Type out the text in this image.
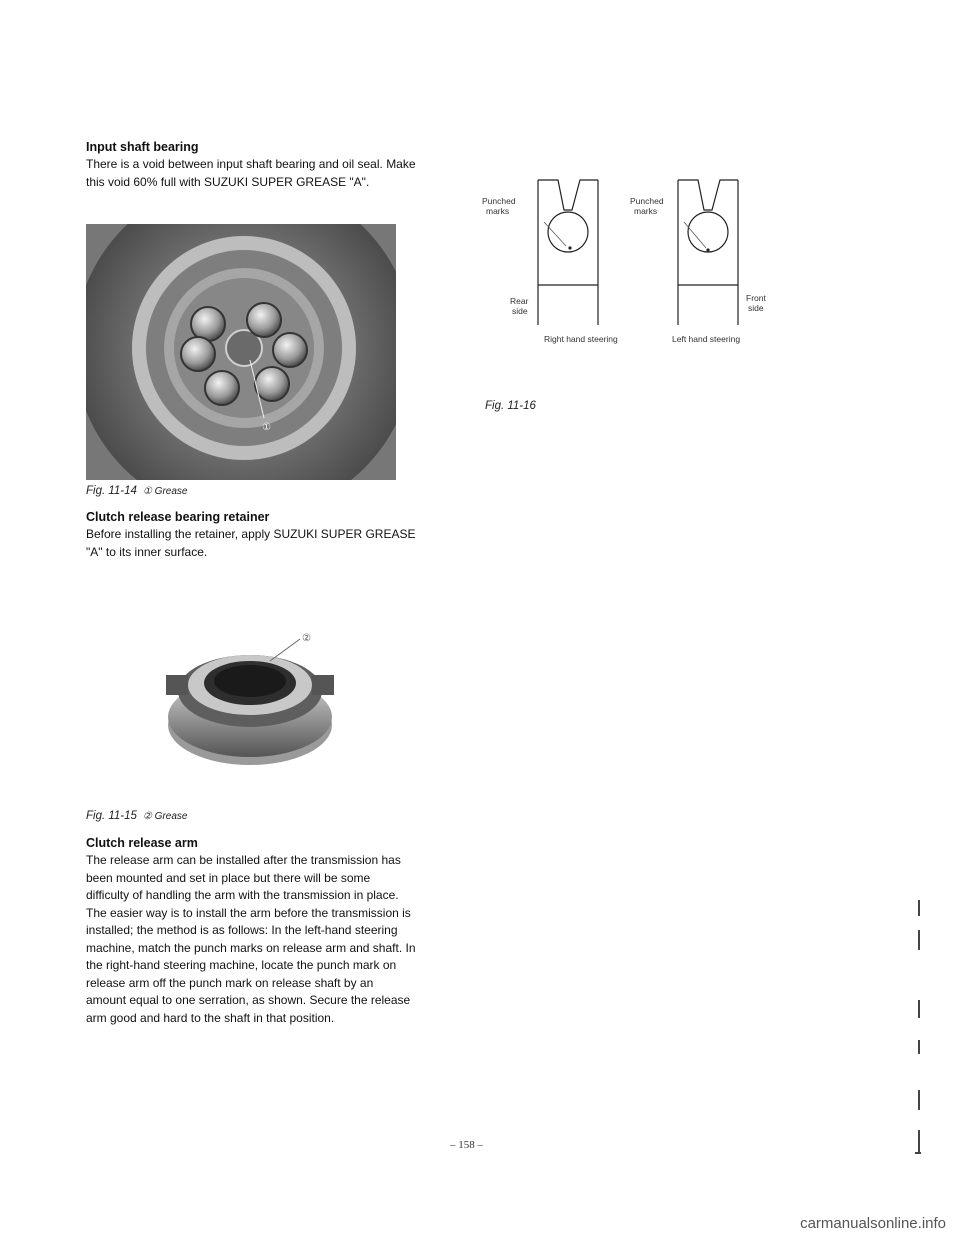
Input shaft bearing

There is a void between input shaft bearing and oil seal. Make this void 60% full with SUZUKI SUPER GREASE "A".

①
Fig. 11-14 ① Grease

Clutch release bearing retainer

Before installing the retainer, apply SUZUKI SUPER GREASE "A" to its inner surface.

②
Fig. 11-15 ② Grease

Clutch release arm

The release arm can be installed after the transmission has been mounted and set in place but there will be some difficulty of handling the arm with the transmission in place. The easier way is to install the arm before the transmission is installed; the method is as follows: In the left-hand steering machine, match the punch marks on release arm and shaft. In the right-hand steering machine, locate the punch mark on release arm off the punch mark on release shaft by an amount equal to one serration, as shown. Secure the release arm good and hard to the shaft in that position.

Punched
marks
Punched
marks
Rear
side
Front
side
Right hand steering	Left hand steering
Fig. 11-16
– 158 –
carmanualsonline.info
